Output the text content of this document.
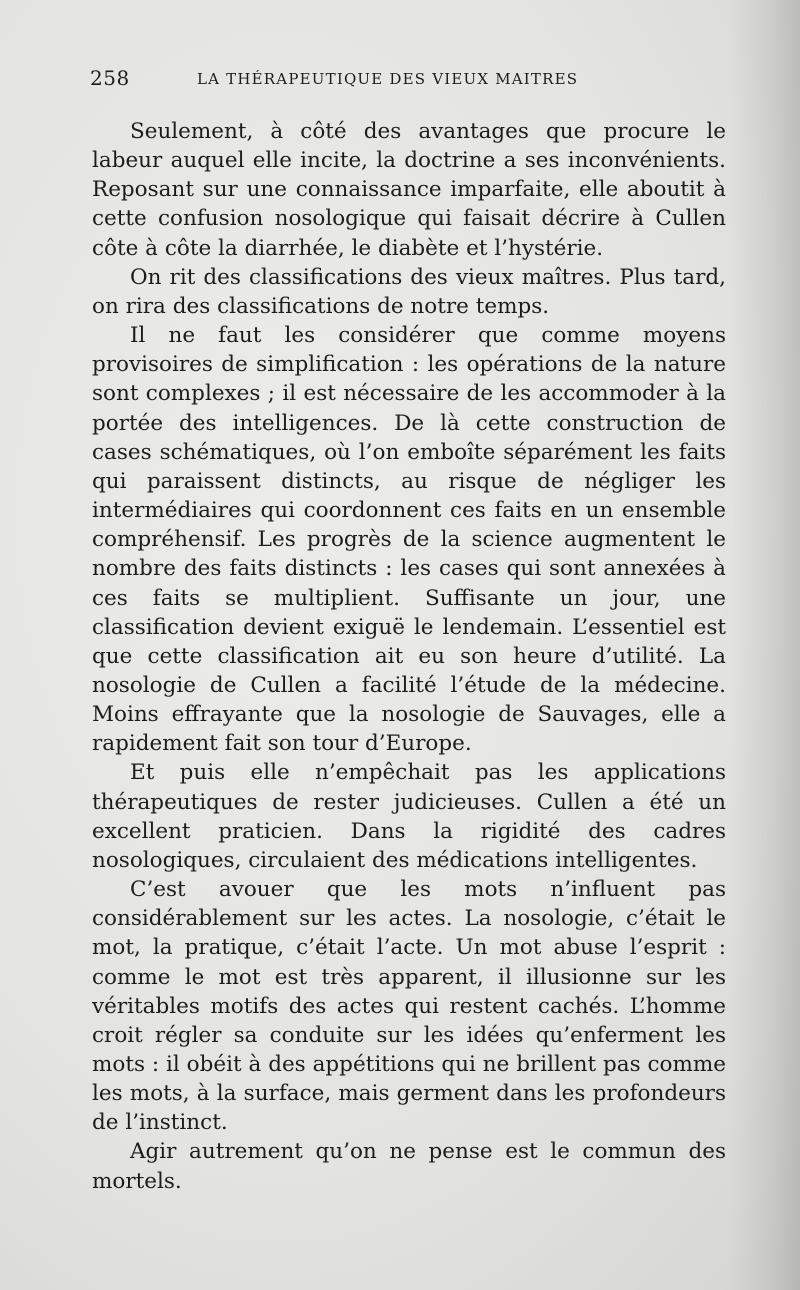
258	LA THÉRAPEUTIQUE DES VIEUX MAITRES

Seulement, à côté des avantages que procure le labeur auquel elle incite, la doctrine a ses inconvénients. Reposant sur une connaissance imparfaite, elle aboutit à cette confusion nosologique qui faisait décrire à Cullen côte à côte la diarrhée, le diabète et l’hystérie.

On rit des classifications des vieux maîtres. Plus tard, on rira des classifications de notre temps.

Il ne faut les considérer que comme moyens provisoires de simplification : les opérations de la nature sont complexes ; il est nécessaire de les accommoder à la portée des intelligences. De là cette construction de cases schématiques, où l’on emboîte séparément les faits qui paraissent distincts, au risque de négliger les intermédiaires qui coordonnent ces faits en un ensemble compréhensif. Les progrès de la science augmentent le nombre des faits distincts : les cases qui sont annexées à ces faits se multiplient. Suffisante un jour, une classification devient exiguë le lendemain. L’essentiel est que cette classification ait eu son heure d’utilité. La nosologie de Cullen a facilité l’étude de la médecine. Moins effrayante que la nosologie de Sauvages, elle a rapidement fait son tour d’Europe.

Et puis elle n’empêchait pas les applications thérapeutiques de rester judicieuses. Cullen a été un excellent praticien. Dans la rigidité des cadres nosologiques, circulaient des médications intelligentes.

C’est avouer que les mots n’influent pas considérablement sur les actes. La nosologie, c’était le mot, la pratique, c’était l’acte. Un mot abuse l’esprit : comme le mot est très apparent, il illusionne sur les véritables motifs des actes qui restent cachés. L’homme croit régler sa conduite sur les idées qu’enferment les mots : il obéit à des appétitions qui ne brillent pas comme les mots, à la surface, mais germent dans les profondeurs de l’instinct.

Agir autrement qu’on ne pense est le commun des mortels.
